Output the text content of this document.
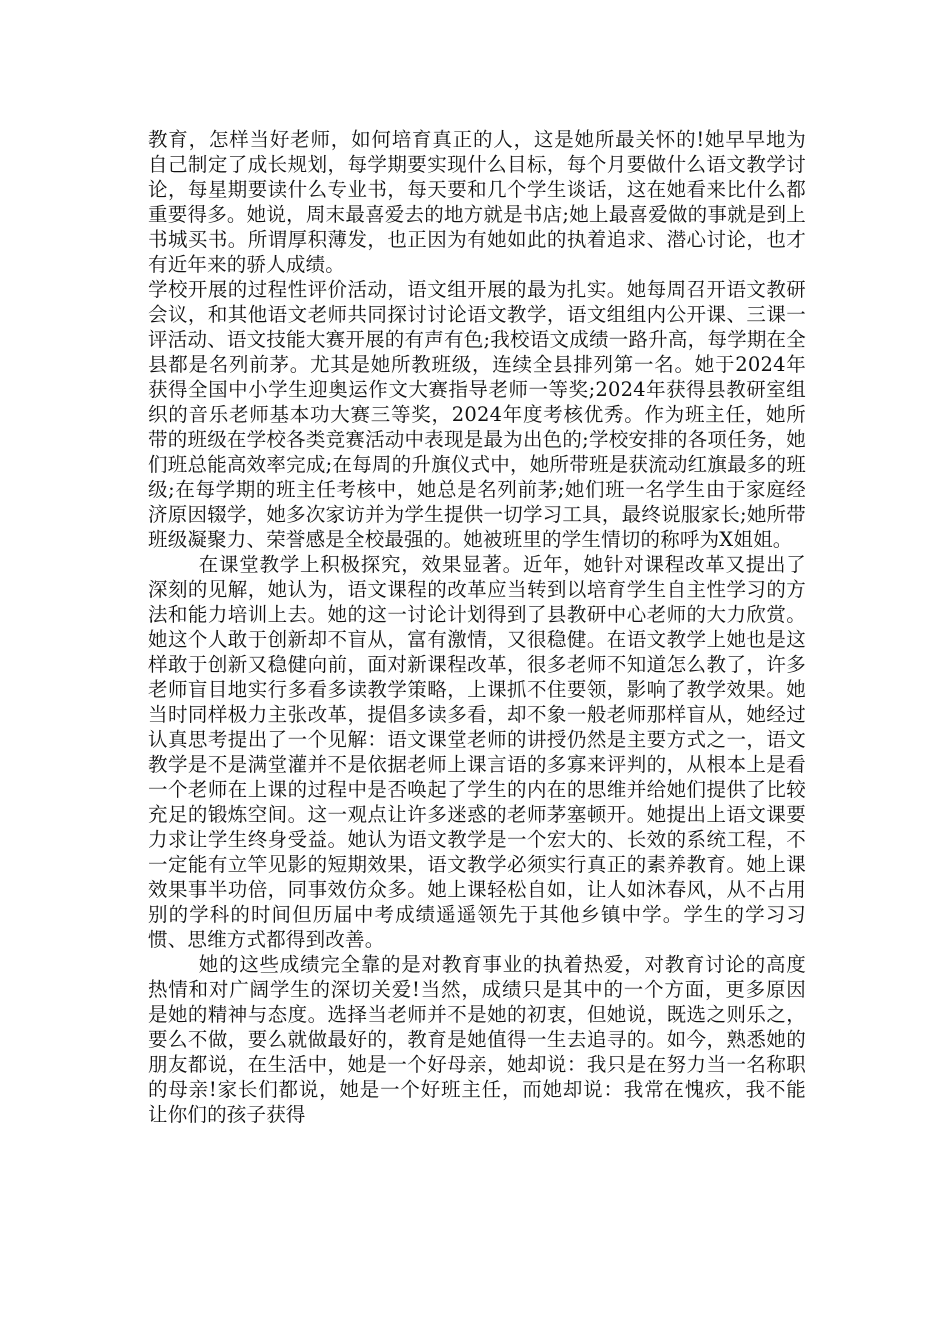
教育，怎样当好老师，如何培育真正的人，这是她所最关怀的!她早早地为自己制定了成长规划，每学期要实现什么目标，每个月要做什么语文教学讨论，每星期要读什么专业书，每天要和几个学生谈话，这在她看来比什么都重要得多。她说，周末最喜爱去的地方就是书店;她上最喜爱做的事就是到上书城买书。所谓厚积薄发，也正因为有她如此的执着追求、潜心讨论，也才有近年来的骄人成绩。

学校开展的过程性评价活动，语文组开展的最为扎实。她每周召开语文教研会议，和其他语文老师共同探讨讨论语文教学，语文组组内公开课、三课一评活动、语文技能大赛开展的有声有色;我校语文成绩一路升高，每学期在全县都是名列前茅。尤其是她所教班级，连续全县排列第一名。她于2024年获得全国中小学生迎奥运作文大赛指导老师一等奖;2024年获得县教研室组织的音乐老师基本功大赛三等奖，2024年度考核优秀。作为班主任，她所带的班级在学校各类竞赛活动中表现是最为出色的;学校安排的各项任务，她们班总能高效率完成;在每周的升旗仪式中，她所带班是获流动红旗最多的班级;在每学期的班主任考核中，她总是名列前茅;她们班一名学生由于家庭经济原因辍学，她多次家访并为学生提供一切学习工具，最终说服家长;她所带班级凝聚力、荣誉感是全校最强的。她被班里的学生情切的称呼为X姐姐。

在课堂教学上积极探究，效果显著。近年，她针对课程改革又提出了深刻的见解，她认为，语文课程的改革应当转到以培育学生自主性学习的方法和能力培训上去。她的这一讨论计划得到了县教研中心老师的大力欣赏。她这个人敢于创新却不盲从，富有激情，又很稳健。在语文教学上她也是这样敢于创新又稳健向前，面对新课程改革，很多老师不知道怎么教了，许多老师盲目地实行多看多读教学策略，上课抓不住要领，影响了教学效果。她当时同样极力主张改革，提倡多读多看，却不象一般老师那样盲从，她经过认真思考提出了一个见解：语文课堂老师的讲授仍然是主要方式之一，语文教学是不是满堂灌并不是依据老师上课言语的多寡来评判的，从根本上是看一个老师在上课的过程中是否唤起了学生的内在的思维并给她们提供了比较充足的锻炼空间。这一观点让许多迷惑的老师茅塞顿开。她提出上语文课要力求让学生终身受益。她认为语文教学是一个宏大的、长效的系统工程，不一定能有立竿见影的短期效果，语文教学必须实行真正的素养教育。她上课效果事半功倍，同事效仿众多。她上课轻松自如，让人如沐春风，从不占用别的学科的时间但历届中考成绩遥遥领先于其他乡镇中学。学生的学习习惯、思维方式都得到改善。

她的这些成绩完全靠的是对教育事业的执着热爱，对教育讨论的高度热情和对广阔学生的深切关爱!当然，成绩只是其中的一个方面，更多原因是她的精神与态度。选择当老师并不是她的初衷，但她说，既选之则乐之，要么不做，要么就做最好的，教育是她值得一生去追寻的。如今，熟悉她的朋友都说，在生活中，她是一个好母亲，她却说：我只是在努力当一名称职的母亲!家长们都说，她是一个好班主任，而她却说：我常在愧疚，我不能让你们的孩子获得
